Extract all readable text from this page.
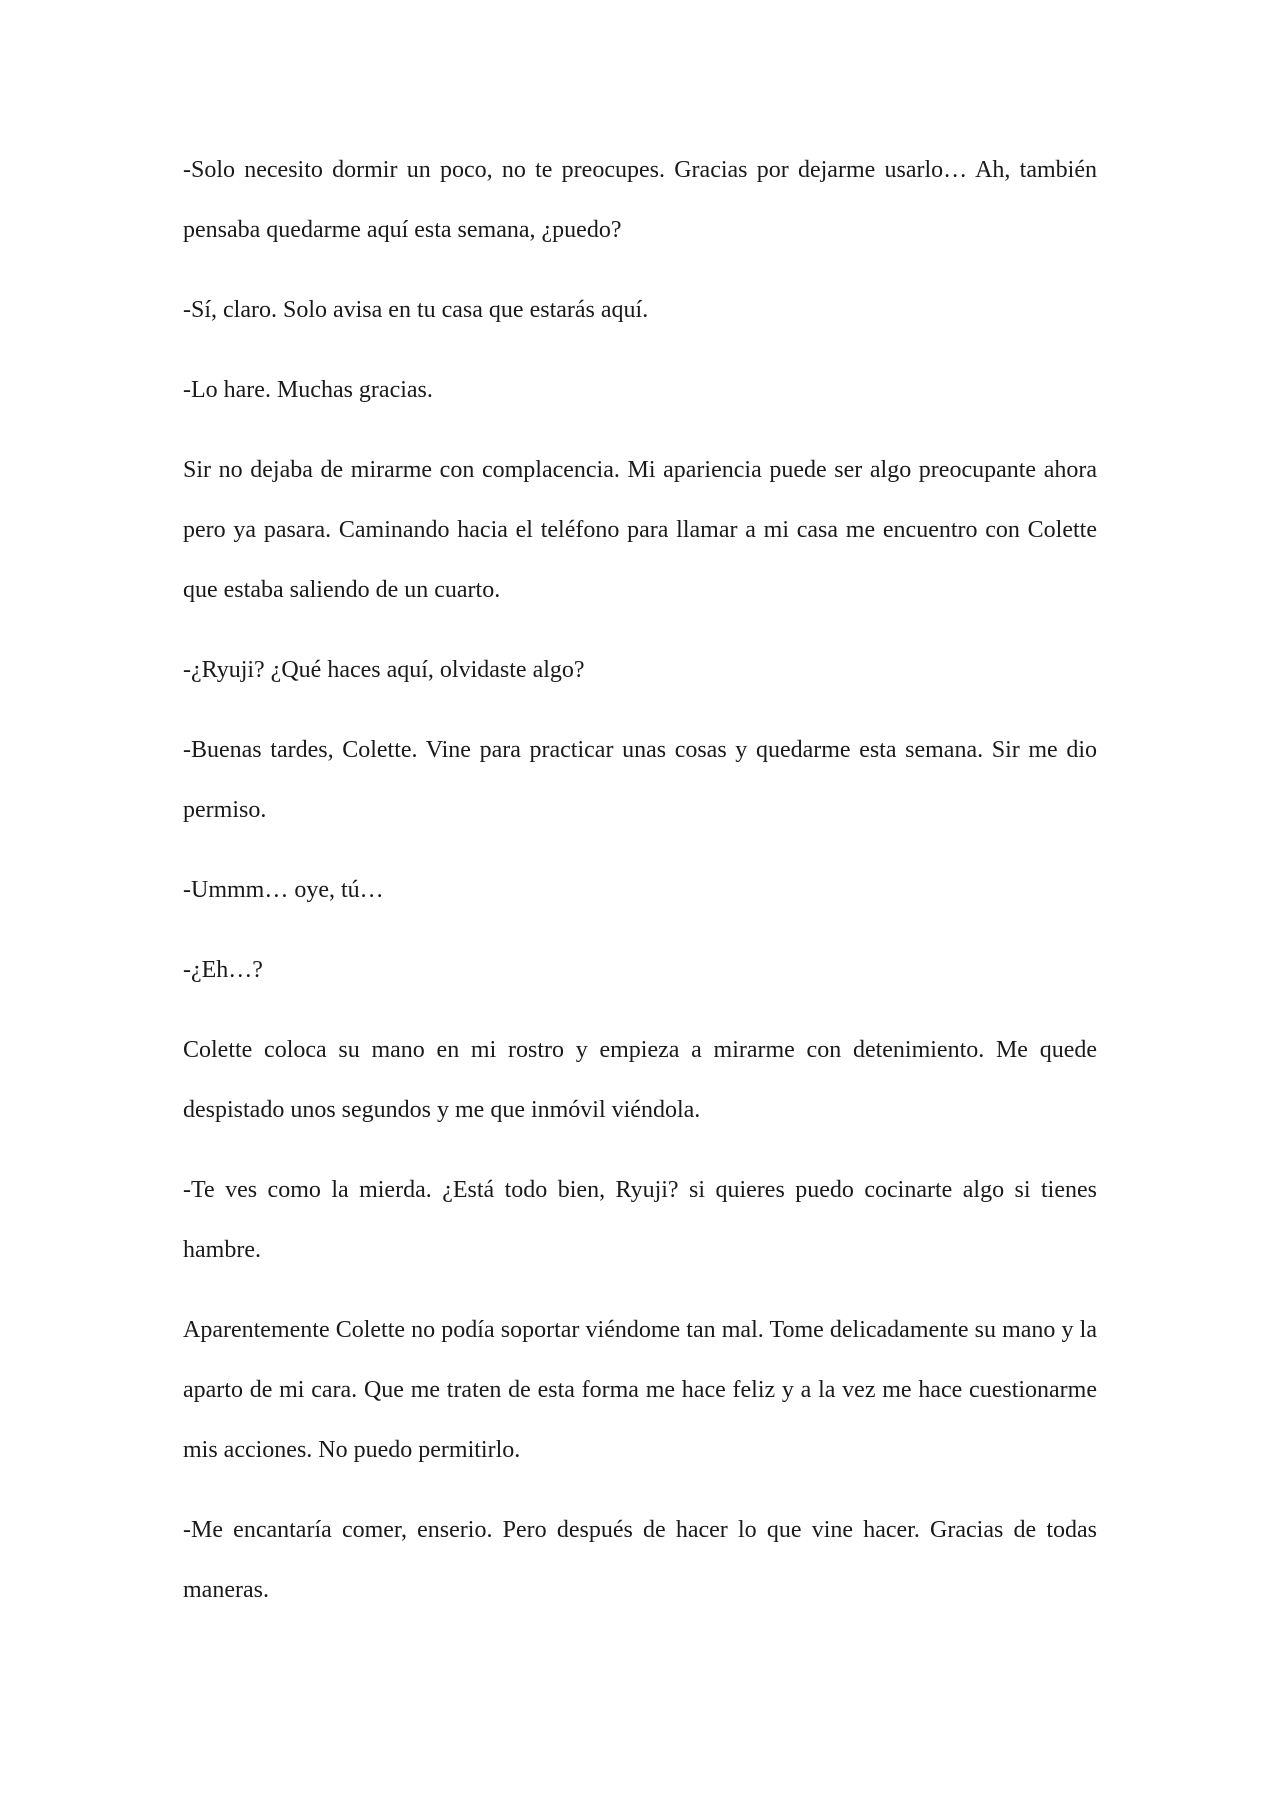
-Solo necesito dormir un poco, no te preocupes. Gracias por dejarme usarlo… Ah, también pensaba quedarme aquí esta semana, ¿puedo?

-Sí, claro. Solo avisa en tu casa que estarás aquí.

-Lo hare. Muchas gracias.

Sir no dejaba de mirarme con complacencia. Mi apariencia puede ser algo preocupante ahora pero ya pasara. Caminando hacia el teléfono para llamar a mi casa me encuentro con Colette que estaba saliendo de un cuarto.

-¿Ryuji? ¿Qué haces aquí, olvidaste algo?

-Buenas tardes, Colette. Vine para practicar unas cosas y quedarme esta semana. Sir me dio permiso.

-Ummm… oye, tú…

-¿Eh…?

Colette coloca su mano en mi rostro y empieza a mirarme con detenimiento. Me quede despistado unos segundos y me que inmóvil viéndola.

-Te ves como la mierda. ¿Está todo bien, Ryuji? si quieres puedo cocinarte algo si tienes hambre.

Aparentemente Colette no podía soportar viéndome tan mal. Tome delicadamente su mano y la aparto de mi cara. Que me traten de esta forma me hace feliz y a la vez me hace cuestionarme mis acciones. No puedo permitirlo.

-Me encantaría comer, enserio. Pero después de hacer lo que vine hacer. Gracias de todas maneras.
